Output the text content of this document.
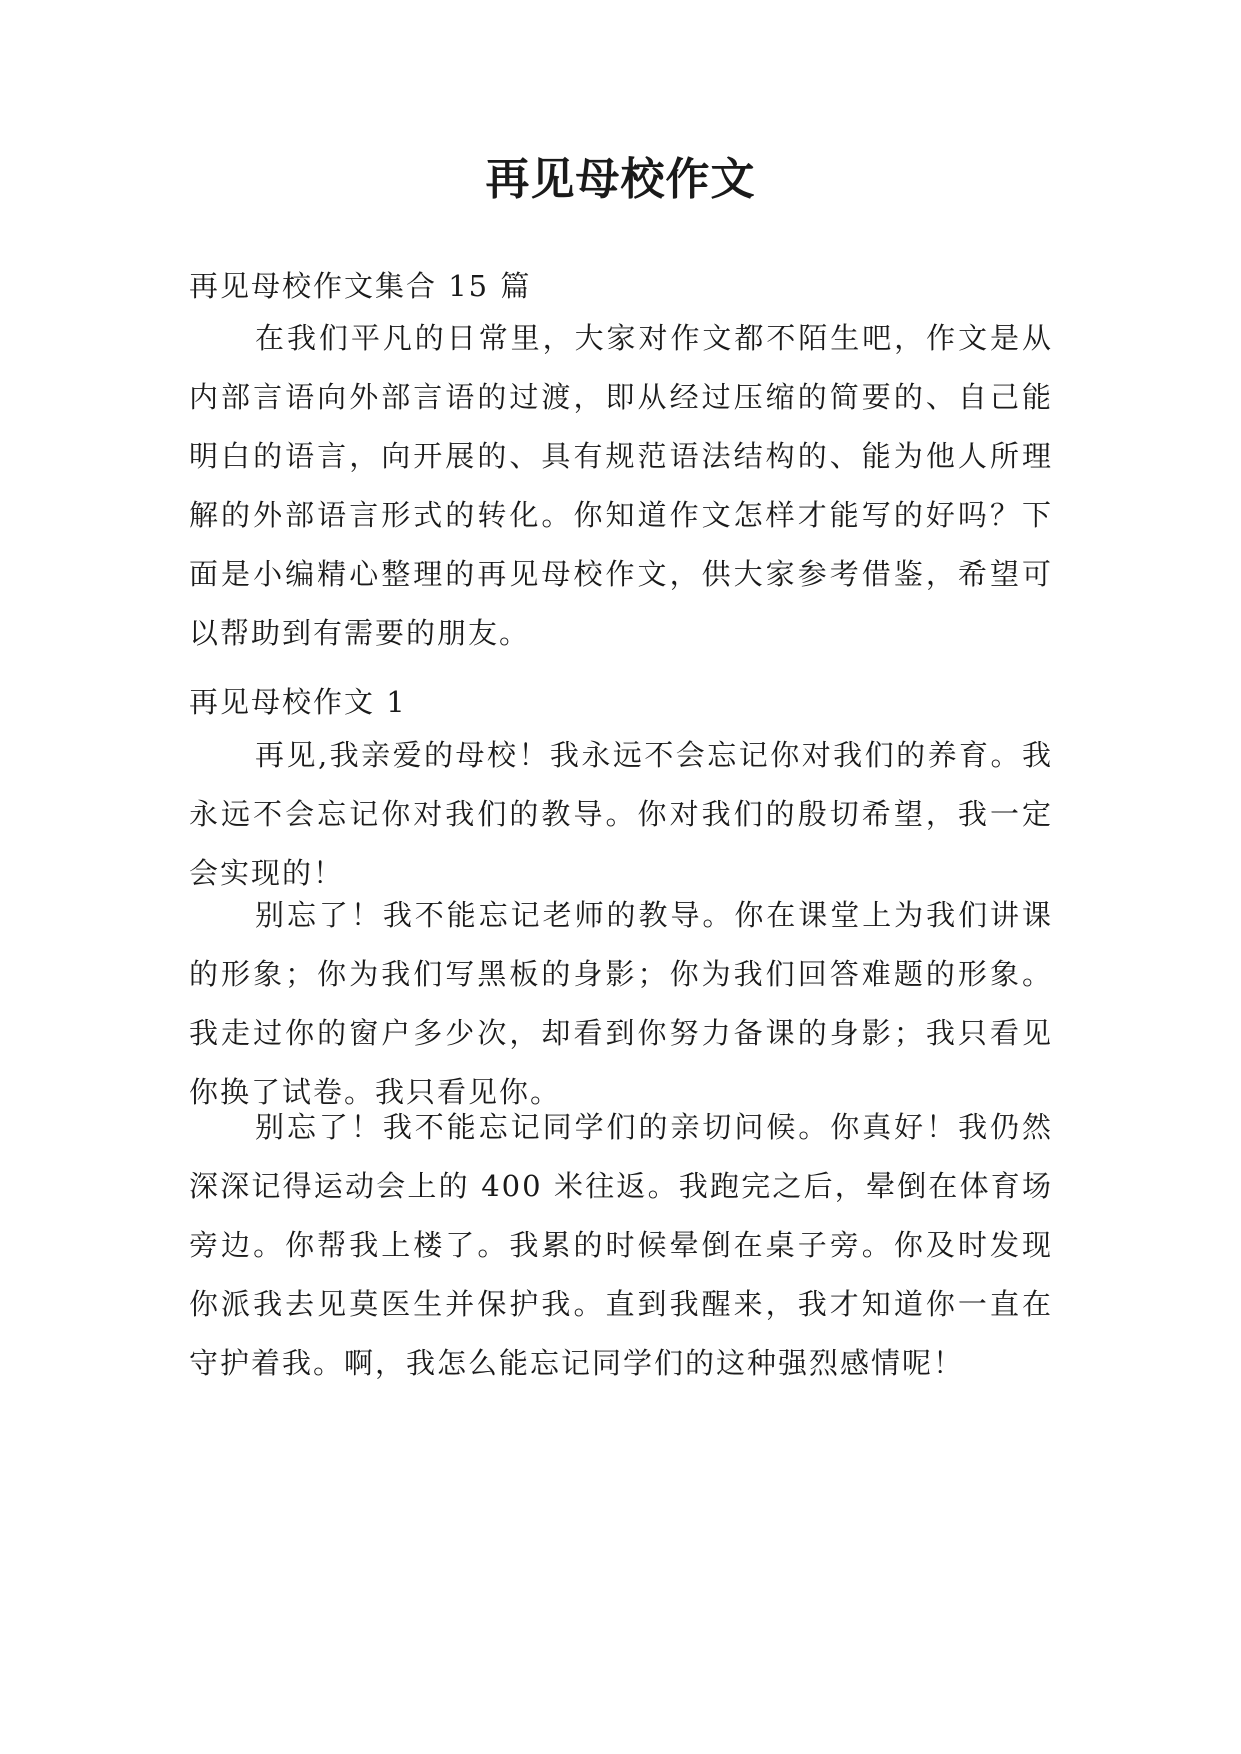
再见母校作文

再见母校作文集合 15 篇

在我们平凡的日常里，大家对作文都不陌生吧，作文是从内部言语向外部言语的过渡，即从经过压缩的简要的、自己能明白的语言，向开展的、具有规范语法结构的、能为他人所理解的外部语言形式的转化。你知道作文怎样才能写的好吗？下面是小编精心整理的再见母校作文，供大家参考借鉴，希望可以帮助到有需要的朋友。

再见母校作文 1

再见,我亲爱的母校！我永远不会忘记你对我们的养育。我永远不会忘记你对我们的教导。你对我们的殷切希望，我一定会实现的！

别忘了！我不能忘记老师的教导。你在课堂上为我们讲课的形象；你为我们写黑板的身影；你为我们回答难题的形象。我走过你的窗户多少次，却看到你努力备课的身影；我只看见你换了试卷。我只看见你。

别忘了！我不能忘记同学们的亲切问候。你真好！我仍然深深记得运动会上的 400 米往返。我跑完之后，晕倒在体育场旁边。你帮我上楼了。我累的时候晕倒在桌子旁。你及时发现你派我去见莫医生并保护我。直到我醒来，我才知道你一直在守护着我。啊，我怎么能忘记同学们的这种强烈感情呢！
